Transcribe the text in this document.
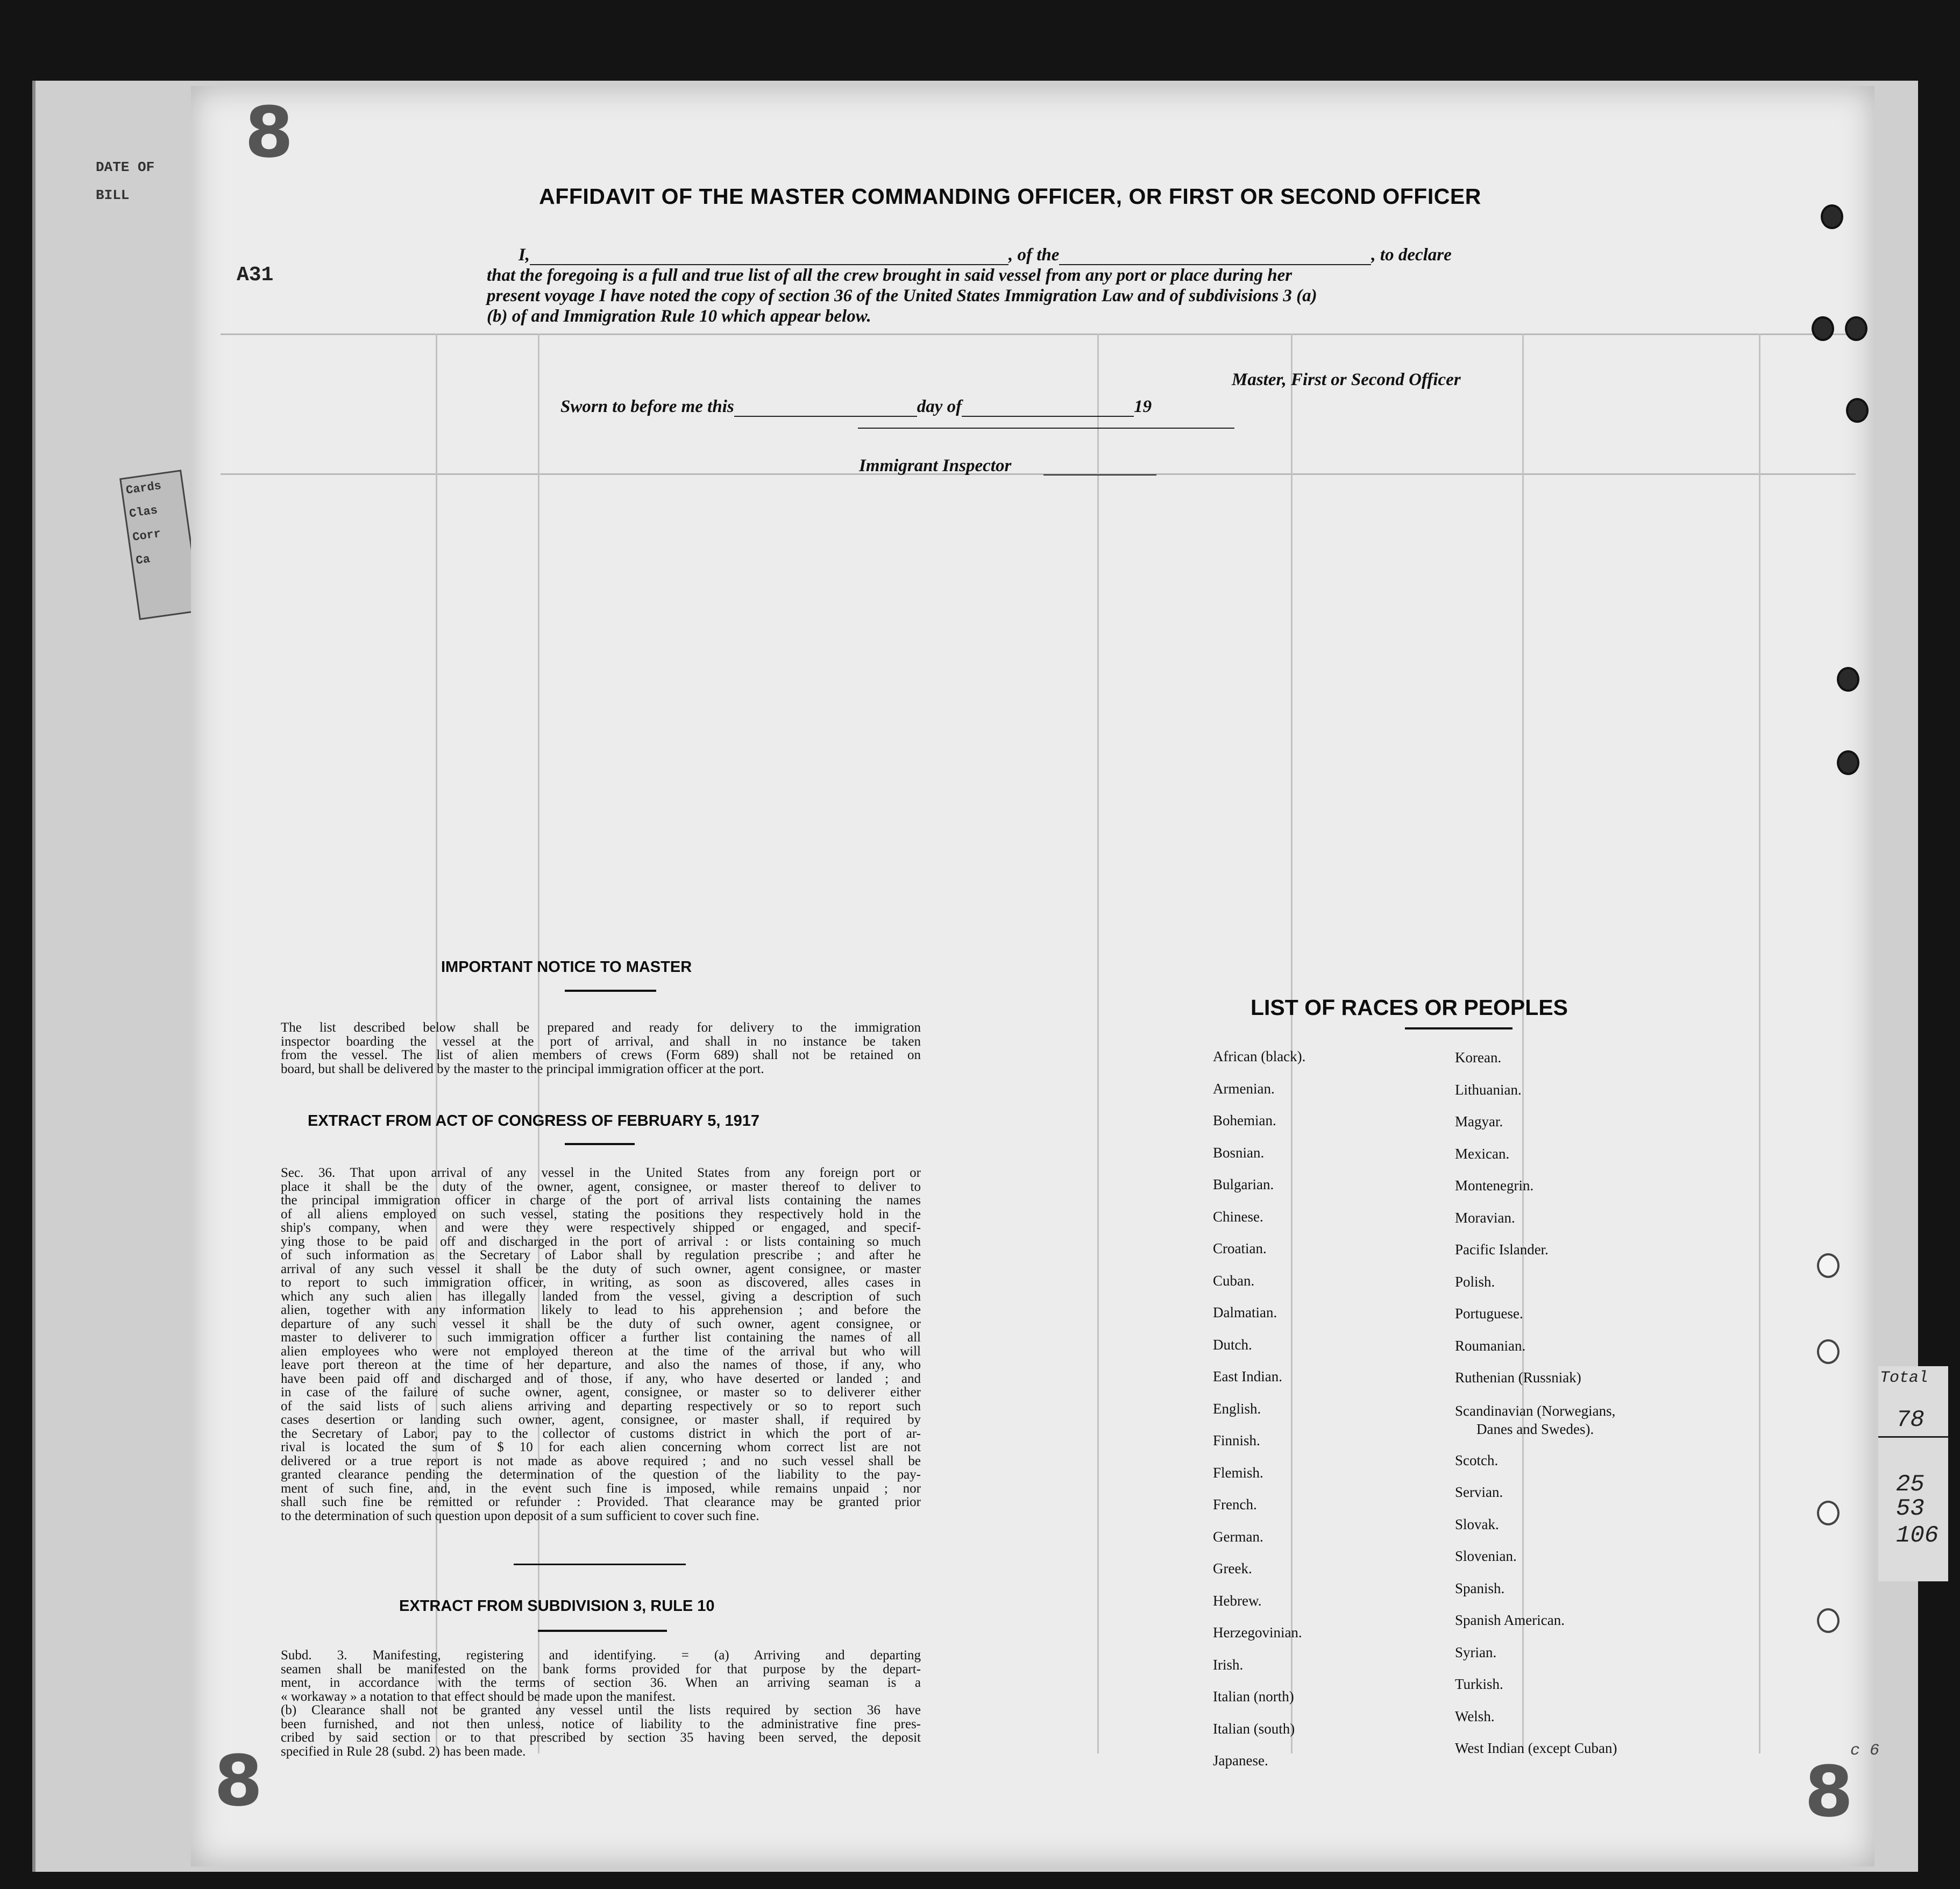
DATE OF
BILL
Cards
Clas
Corr
Ca
8
8	8
A31
c 6
AFFIDAVIT OF THE MASTER COMMANDING OFFICER, OR FIRST OR SECOND OFFICER
I,	, of the	, to declare
that the foregoing is a full and true list of all the crew brought in said vessel from any port or place during her
present voyage I have noted the copy of section 36 of the United States Immigration Law and of subdivisions 3 (a)
(b) of and Immigration Rule 10 which appear below.
Master, First or Second Officer
Sworn to before me this	day of	19
Immigrant Inspector
IMPORTANT NOTICE TO MASTER
The list described below shall be prepared and ready for delivery to the immigration
inspector boarding the vessel at the port of arrival, and shall in no instance be taken
from the vessel. The list of alien members of crews (Form 689) shall not be retained on
board, but shall be delivered by the master to the principal immigration officer at the port.
EXTRACT FROM ACT OF CONGRESS OF FEBRUARY 5, 1917
Sec. 36. That upon arrival of any vessel in the United States from any foreign port or
place it shall be the duty of the owner, agent, consignee, or master thereof to deliver to
the principal immigration officer in charge of the port of arrival lists containing the names
of all aliens employed on such vessel, stating the positions they respectively hold in the
ship's company, when and were they were respectively shipped or engaged, and specif-
ying those to be paid off and discharged in the port of arrival : or lists containing so much
of such information as the Secretary of Labor shall by regulation prescribe ; and after he
arrival of any such vessel it shall be the duty of such owner, agent consignee, or master
to report to such immigration officer, in writing, as soon as discovered, alles cases in
which any such alien has illegally landed from the vessel, giving a description of such
alien, together with any information likely to lead to his apprehension ; and before the
departure of any such vessel it shall be the duty of such owner, agent consignee, or
master to deliverer to such immigration officer a further list containing the names of all
alien employees who were not employed thereon at the time of the arrival but who will
leave port thereon at the time of her departure, and also the names of those, if any, who
have been paid off and discharged and of those, if any, who have deserted or landed ; and
in case of the failure of suche owner, agent, consignee, or master so to deliverer either
of the said lists of such aliens arriving and departing respectively or so to report such
cases desertion or landing such owner, agent, consignee, or master shall, if required by
the Secretary of Labor, pay to the collector of customs district in which the port of ar-
rival is located the sum of $ 10 for each alien concerning whom correct list are not
delivered or a true report is not made as above required ; and no such vessel shall be
granted clearance pending the determination of the question of the liability to the pay-
ment of such fine, and, in the event such fine is imposed, while remains unpaid ; nor
shall such fine be remitted or refunder : Provided. That clearance may be granted prior
to the determination of such question upon deposit of a sum sufficient to cover such fine.
EXTRACT FROM SUBDIVISION 3, RULE 10
Subd. 3. Manifesting, registering and identifying. = (a) Arriving and departing
seamen shall be manifested on the bank forms provided for that purpose by the depart-
ment, in accordance with the terms of section 36. When an arriving seaman is a
« workaway » a notation to that effect should be made upon the manifest.
(b) Clearance shall not be granted any vessel until the lists required by section 36 have
been furnished, and not then unless, notice of liability to the administrative fine pres-
cribed by said section or to that prescribed by section 35 having been served, the deposit
specified in Rule 28 (subd. 2) has been made.
LIST OF RACES OR PEOPLES
African (black).
Armenian.
Bohemian.
Bosnian.
Bulgarian.
Chinese.
Croatian.
Cuban.
Dalmatian.
Dutch.
East Indian.
English.
Finnish.
Flemish.
French.
German.
Greek.
Hebrew.
Herzegovinian.
Irish.
Italian (north)
Italian (south)
Japanese.
Korean.
Lithuanian.
Magyar.
Mexican.
Montenegrin.
Moravian.
Pacific Islander.
Polish.
Portuguese.
Roumanian.
Ruthenian (Russniak)
Scandinavian (Norwegians,
Danes and Swedes).
Scotch.
Servian.
Slovak.
Slovenian.
Spanish.
Spanish American.
Syrian.
Turkish.
Welsh.
West Indian (except Cuban)
Total
78
25
53
106
